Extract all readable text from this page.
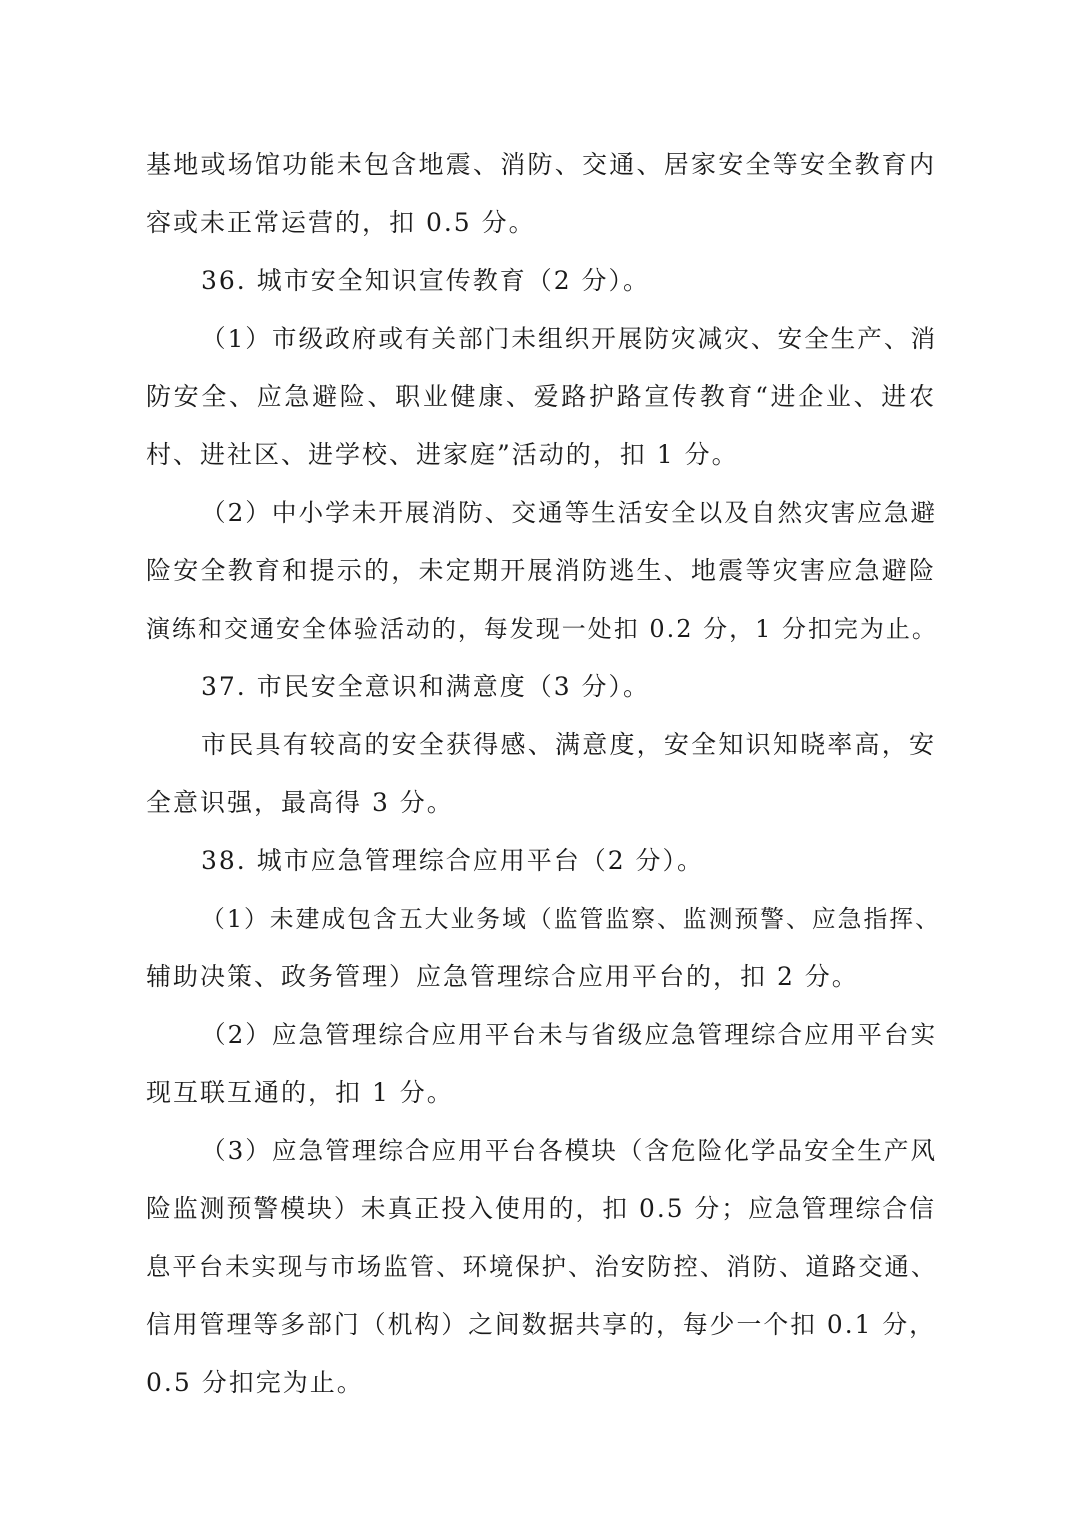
基地或场馆功能未包含地震、消防、交通、居家安全等安全教育内
容或未正常运营的，扣 0.5 分。
36. 城市安全知识宣传教育（2 分）。
（1）市级政府或有关部门未组织开展防灾减灾、安全生产、消
防安全、应急避险、职业健康、爱路护路宣传教育“进企业、进农
村、进社区、进学校、进家庭”活动的，扣 1 分。
（2）中小学未开展消防、交通等生活安全以及自然灾害应急避
险安全教育和提示的，未定期开展消防逃生、地震等灾害应急避险
演练和交通安全体验活动的，每发现一处扣 0.2 分，1 分扣完为止。
37. 市民安全意识和满意度（3 分）。
市民具有较高的安全获得感、满意度，安全知识知晓率高，安
全意识强，最高得 3 分。
38. 城市应急管理综合应用平台（2 分）。
（1）未建成包含五大业务域（监管监察、监测预警、应急指挥、
辅助决策、政务管理）应急管理综合应用平台的，扣 2 分。
（2）应急管理综合应用平台未与省级应急管理综合应用平台实
现互联互通的，扣 1 分。
（3）应急管理综合应用平台各模块（含危险化学品安全生产风
险监测预警模块）未真正投入使用的，扣 0.5 分；应急管理综合信
息平台未实现与市场监管、环境保护、治安防控、消防、道路交通、
信用管理等多部门（机构）之间数据共享的，每少一个扣 0.1 分，
0.5 分扣完为止。
